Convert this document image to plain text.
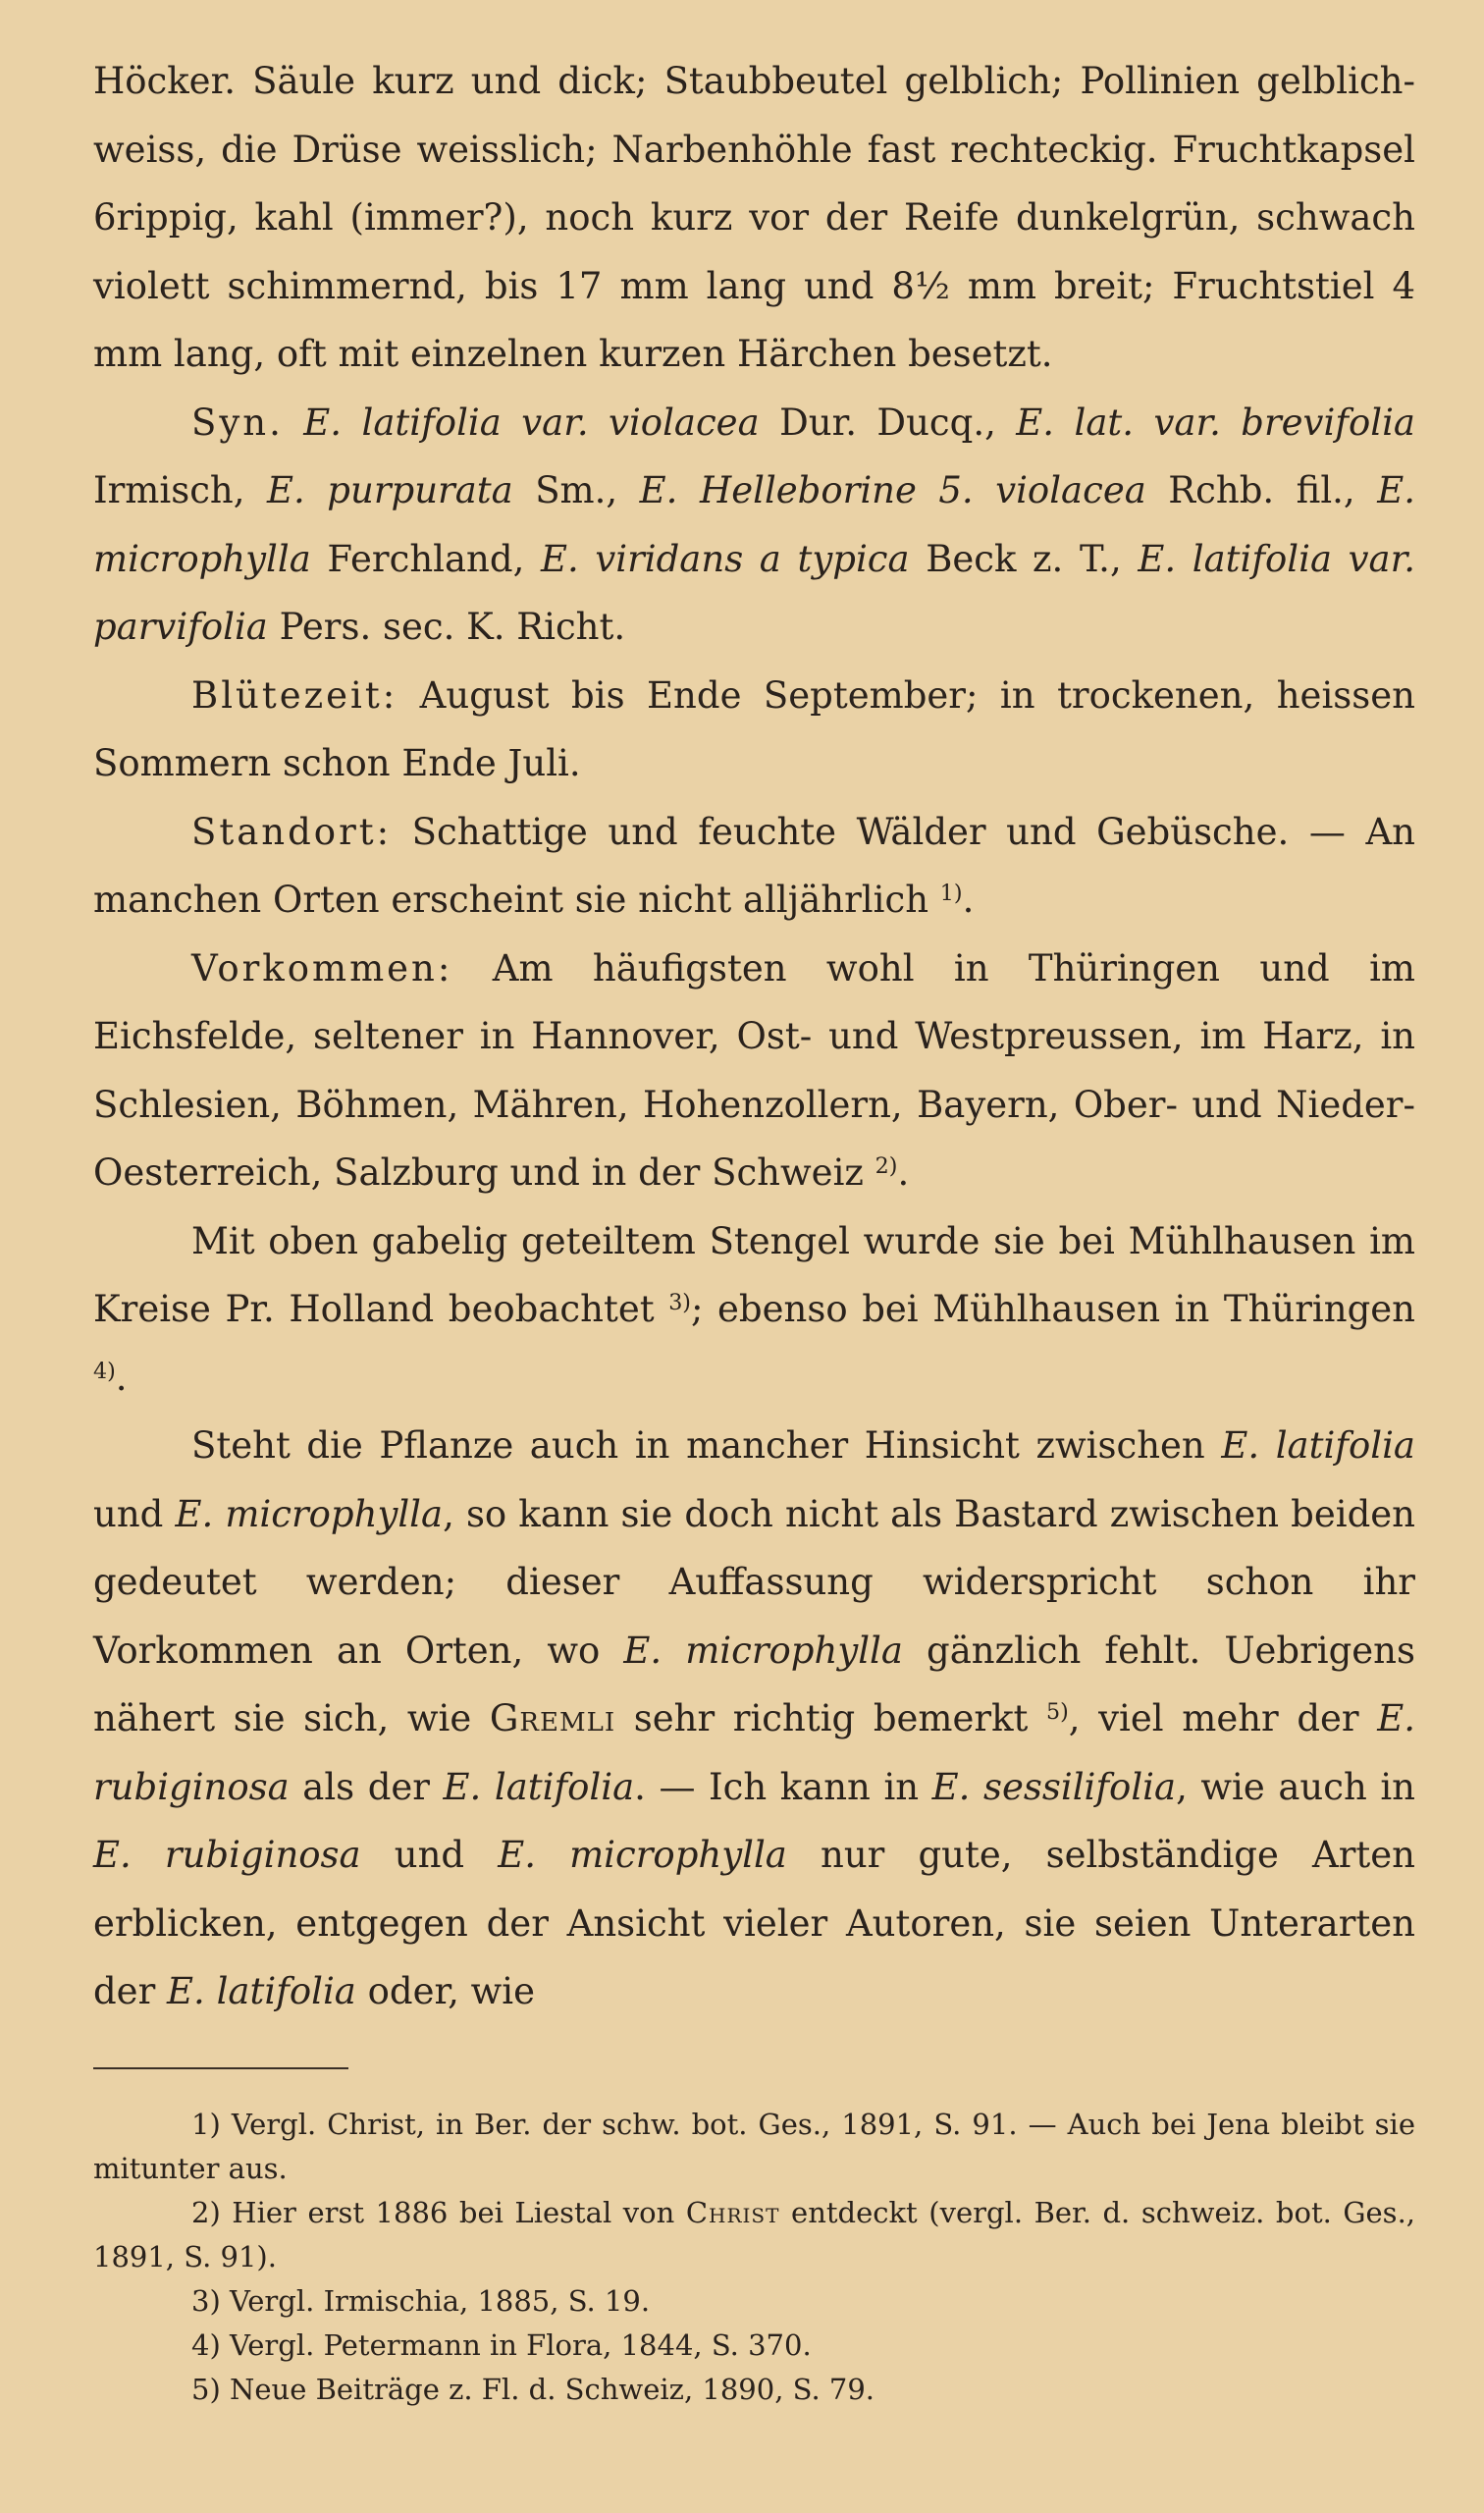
Höcker. Säule kurz und dick; Staubbeutel gelblich; Pollinien gelblich-weiss, die Drüse weisslich; Narbenhöhle fast rechteckig. Fruchtkapsel 6rippig, kahl (immer?), noch kurz vor der Reife dunkelgrün, schwach violett schimmernd, bis 17 mm lang und 8½ mm breit; Fruchtstiel 4 mm lang, oft mit einzelnen kurzen Härchen besetzt.

Syn. E. latifolia var. violacea Dur. Ducq., E. lat. var. brevifolia Irmisch, E. purpurata Sm., E. Helleborine 5. violacea Rchb. fil., E. microphylla Ferchland, E. viridans a typica Beck z. T., E. latifolia var. parvifolia Pers. sec. K. Richt.

Blütezeit: August bis Ende September; in trockenen, heissen Sommern schon Ende Juli.

Standort: Schattige und feuchte Wälder und Gebüsche. — An manchen Orten erscheint sie nicht alljährlich $^{1)}$.

Vorkommen: Am häufigsten wohl in Thüringen und im Eichsfelde, seltener in Hannover, Ost- und Westpreussen, im Harz, in Schlesien, Böhmen, Mähren, Hohenzollern, Bayern, Ober- und Nieder-Oesterreich, Salzburg und in der Schweiz $^{2)}$.

Mit oben gabelig geteiltem Stengel wurde sie bei Mühlhausen im Kreise Pr. Holland beobachtet $^{3)}$; ebenso bei Mühlhausen in Thüringen $^{4)}$.

Steht die Pflanze auch in mancher Hinsicht zwischen E. latifolia und E. microphylla, so kann sie doch nicht als Bastard zwischen beiden gedeutet werden; dieser Auffassung widerspricht schon ihr Vorkommen an Orten, wo E. microphylla gänzlich fehlt. Uebrigens nähert sie sich, wie Gremli sehr richtig bemerkt $^{5)}$, viel mehr der E. rubiginosa als der E. latifolia. — Ich kann in E. sessilifolia, wie auch in E. rubiginosa und E. microphylla nur gute, selbständige Arten erblicken, entgegen der Ansicht vieler Autoren, sie seien Unterarten der E. latifolia oder, wie

1) Vergl. Christ, in Ber. der schw. bot. Ges., 1891, S. 91. — Auch bei Jena bleibt sie mitunter aus.

2) Hier erst 1886 bei Liestal von Christ entdeckt (vergl. Ber. d. schweiz. bot. Ges., 1891, S. 91).

3) Vergl. Irmischia, 1885, S. 19.

4) Vergl. Petermann in Flora, 1844, S. 370.

5) Neue Beiträge z. Fl. d. Schweiz, 1890, S. 79.
